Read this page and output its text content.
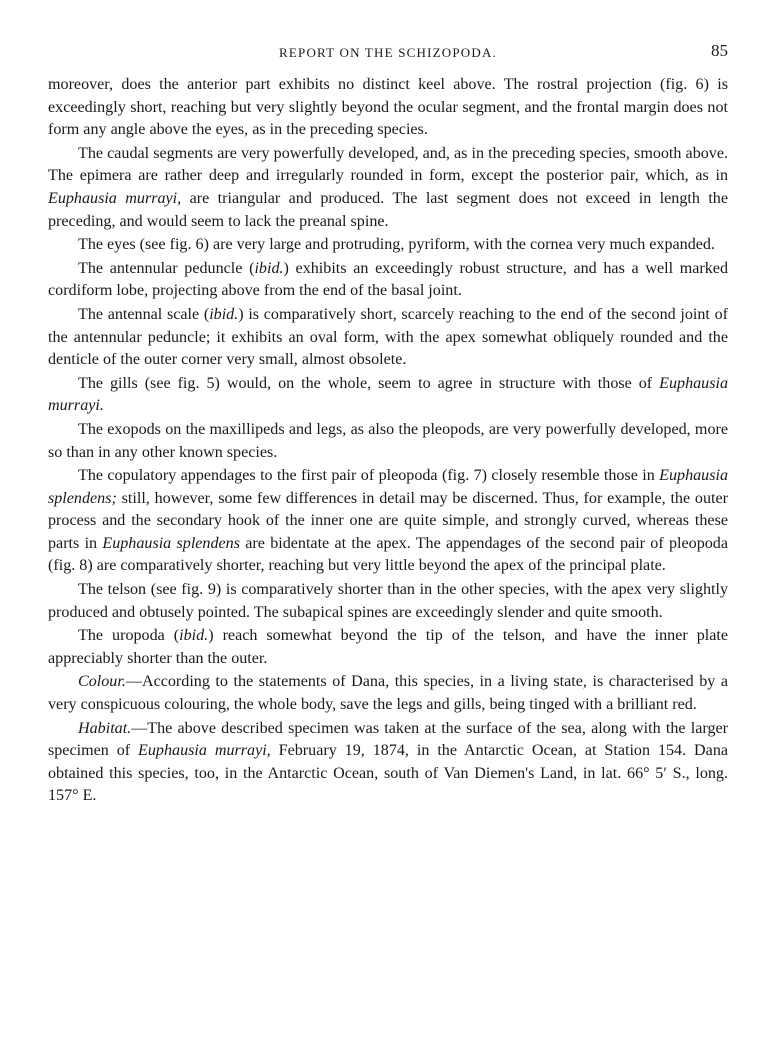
REPORT ON THE SCHIZOPODA.	85

moreover, does the anterior part exhibits no distinct keel above. The rostral projection (fig. 6) is exceedingly short, reaching but very slightly beyond the ocular segment, and the frontal margin does not form any angle above the eyes, as in the preceding species.

The caudal segments are very powerfully developed, and, as in the preceding species, smooth above. The epimera are rather deep and irregularly rounded in form, except the posterior pair, which, as in Euphausia murrayi, are triangular and produced. The last segment does not exceed in length the preceding, and would seem to lack the preanal spine.

The eyes (see fig. 6) are very large and protruding, pyriform, with the cornea very much expanded.

The antennular peduncle (ibid.) exhibits an exceedingly robust structure, and has a well marked cordiform lobe, projecting above from the end of the basal joint.

The antennal scale (ibid.) is comparatively short, scarcely reaching to the end of the second joint of the antennular peduncle; it exhibits an oval form, with the apex somewhat obliquely rounded and the denticle of the outer corner very small, almost obsolete.

The gills (see fig. 5) would, on the whole, seem to agree in structure with those of Euphausia murrayi.

The exopods on the maxillipeds and legs, as also the pleopods, are very powerfully developed, more so than in any other known species.

The copulatory appendages to the first pair of pleopoda (fig. 7) closely resemble those in Euphausia splendens; still, however, some few differences in detail may be discerned. Thus, for example, the outer process and the secondary hook of the inner one are quite simple, and strongly curved, whereas these parts in Euphausia splendens are bidentate at the apex. The appendages of the second pair of pleopoda (fig. 8) are comparatively shorter, reaching but very little beyond the apex of the principal plate.

The telson (see fig. 9) is comparatively shorter than in the other species, with the apex very slightly produced and obtusely pointed. The subapical spines are exceedingly slender and quite smooth.

The uropoda (ibid.) reach somewhat beyond the tip of the telson, and have the inner plate appreciably shorter than the outer.

Colour.—According to the statements of Dana, this species, in a living state, is characterised by a very conspicuous colouring, the whole body, save the legs and gills, being tinged with a brilliant red.

Habitat.—The above described specimen was taken at the surface of the sea, along with the larger specimen of Euphausia murrayi, February 19, 1874, in the Antarctic Ocean, at Station 154. Dana obtained this species, too, in the Antarctic Ocean, south of Van Diemen's Land, in lat. 66° 5′ S., long. 157° E.
